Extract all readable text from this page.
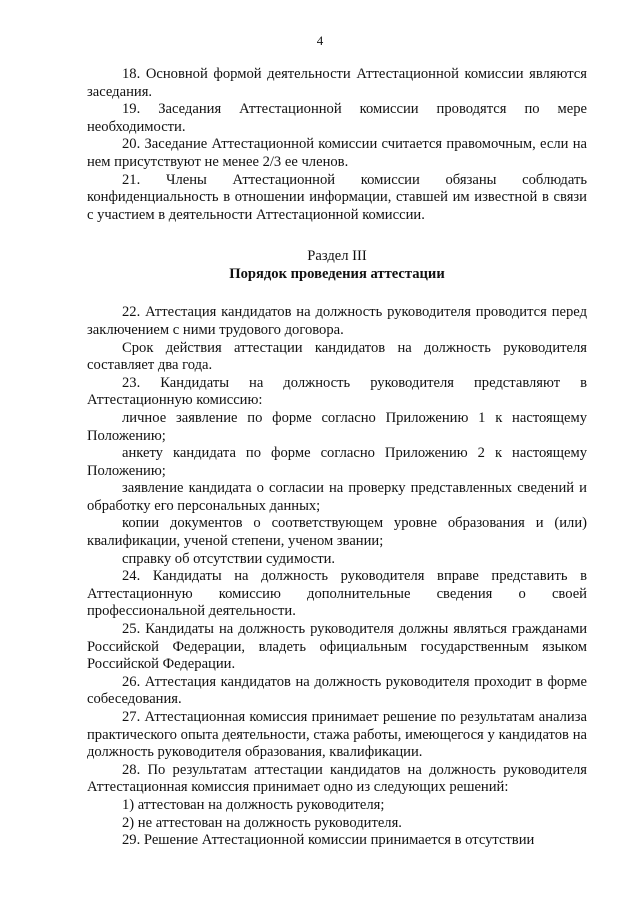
4

18. Основной формой деятельности Аттестационной комиссии являются заседания.

19. Заседания Аттестационной комиссии проводятся по мере необходимости.

20. Заседание Аттестационной комиссии считается правомочным, если на нем присутствуют не менее 2/3 ее членов.

21. Члены Аттестационной комиссии обязаны соблюдать конфиденциальность в отношении информации, ставшей им известной в связи с участием в деятельности Аттестационной комиссии.

Раздел III
Порядок проведения аттестации

22. Аттестация кандидатов на должность руководителя проводится перед заключением с ними трудового договора.

Срок действия аттестации кандидатов на должность руководителя составляет два года.

23. Кандидаты на должность руководителя представляют в Аттестационную комиссию:

личное заявление по форме согласно Приложению 1 к настоящему Положению;

анкету кандидата по форме согласно Приложению 2 к настоящему Положению;

заявление кандидата о согласии на проверку представленных сведений и обработку его персональных данных;

копии документов о соответствующем уровне образования и (или) квалификации, ученой степени, ученом звании;

справку об отсутствии судимости.

24. Кандидаты на должность руководителя вправе представить в Аттестационную комиссию дополнительные сведения о своей профессиональной деятельности.

25. Кандидаты на должность руководителя должны являться гражданами Российской Федерации, владеть официальным государственным языком Российской Федерации.

26. Аттестация кандидатов на должность руководителя проходит в форме собеседования.

27. Аттестационная комиссия принимает решение по результатам анализа практического опыта деятельности, стажа работы, имеющегося у кандидатов на должность руководителя образования, квалификации.

28. По результатам аттестации кандидатов на должность руководителя Аттестационная комиссия принимает одно из следующих решений:

1) аттестован на должность руководителя;

2) не аттестован на должность руководителя.

29. Решение Аттестационной комиссии принимается в отсутствии
